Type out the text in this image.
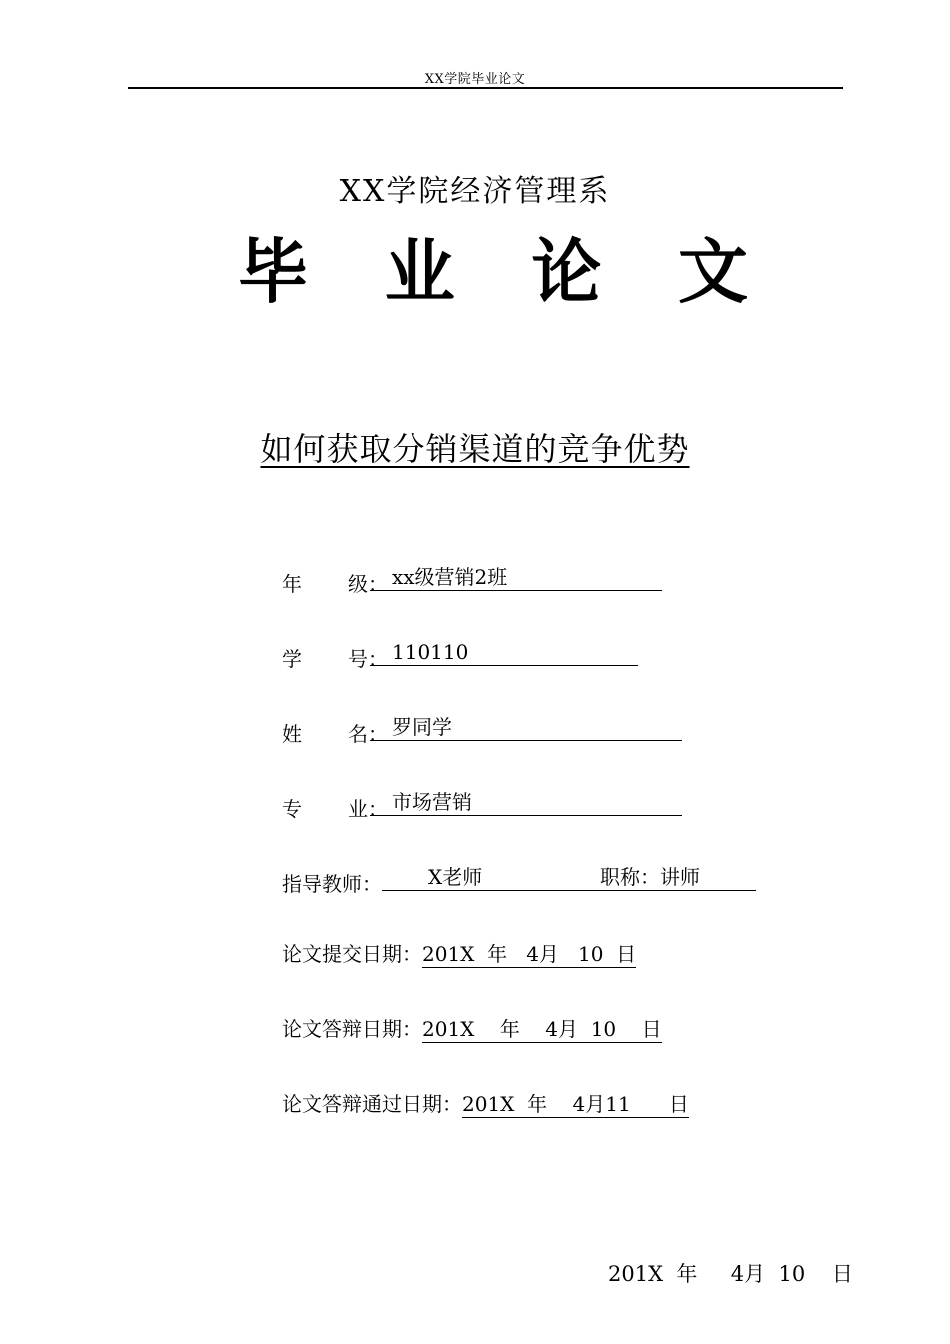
XX学院毕业论文
XX学院经济管理系
毕 业 论 文
如何获取分销渠道的竞争优势
年 级： xx级营销2班
学 号： 110110
姓 名： 罗同学
专 业： 市场营销
指导教师： X老师	职称： 讲师
论文提交日期：201X  年   4月   10  日
论文答辩日期：201X    年    4月  10    日
论文答辩通过日期：201X  年    4月11      日
201X  年     4月  10    日
